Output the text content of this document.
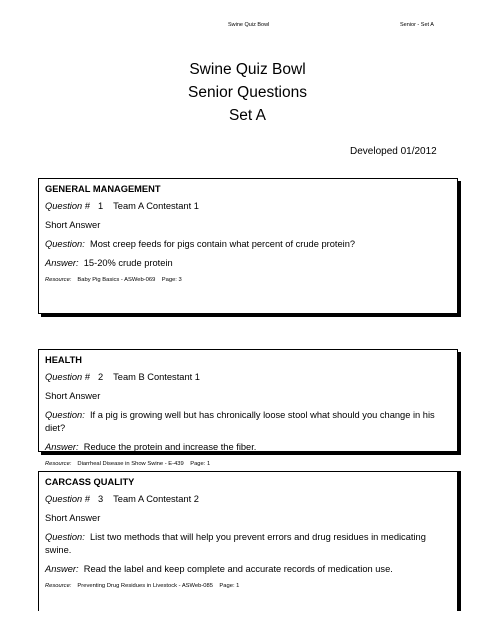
Swine Quiz Bowl	Senior - Set A
Swine Quiz Bowl
Senior Questions
Set A
Developed 01/2012
GENERAL MANAGEMENT
Question # 1 Team A Contestant 1
Short Answer
Question: Most creep feeds for pigs contain what percent of crude protein?
Answer: 15-20% crude protein
Resource: Baby Pig Basics - ASWeb-069 Page: 3
HEALTH
Question # 2 Team B Contestant 1
Short Answer
Question: If a pig is growing well but has chronically loose stool what should you change in his diet?
Answer: Reduce the protein and increase the fiber.
Resource: Diarrheal Disease in Show Swine - E-439 Page: 1
CARCASS QUALITY
Question # 3 Team A Contestant 2
Short Answer
Question: List two methods that will help you prevent errors and drug residues in medicating swine.
Answer: Read the label and keep complete and accurate records of medication use.
Resource: Preventing Drug Residues in Livestock - ASWeb-085 Page: 1
